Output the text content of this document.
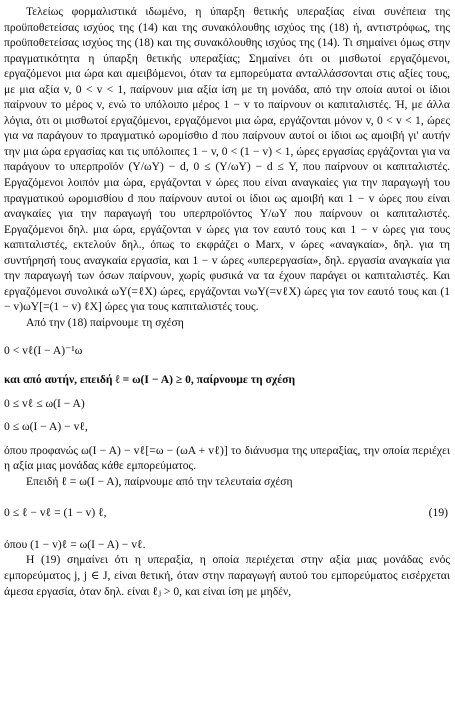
Τελείως φορμαλιστικά ιδωμένο, η ύπαρξη θετικής υπεραξίας είναι συνέπεια της προϋποθετείσας ισχύος της (14) και της συνακόλουθης ισχύος της (18) ή, αντιστρόφως, της προϋποθετείσας ισχύος της (18) και της συνακόλουθης ισχύος της (14). Τι σημαίνει όμως στην πραγματικότητα η ύπαρξη θετικής υπεραξίας; Σημαίνει ότι οι μισθωτοί εργαζόμενοι, εργαζόμενοι μια ώρα και αμειβόμενοι, όταν τα εμπορεύματα ανταλλάσσονται στις αξίες τους, με μια αξία v, 0 < v < 1, παίρνουν μια αξία ίση με τη μονάδα, από την οποία αυτοί οι ίδιοι παίρνουν το μέρος v, ενώ το υπόλοιπο μέρος 1 − v το παίρνουν οι καπιταλιστές. Ή, με άλλα λόγια, ότι οι μισθωτοί εργαζόμενοι, εργαζόμενοι μια ώρα, εργάζονται μόνον v, 0 < v < 1, ώρες για να παράγουν το πραγματικό ωρομίσθιο d που παίρνουν αυτοί οι ίδιοι ως αμοιβή γι' αυτήν την μια ώρα εργασίας και τις υπόλοιπες 1 − v, 0 < (1 − v) < 1, ώρες εργασίας εργάζονται για να παράγουν το υπερπροϊόν (Y/ωY) − d, 0 ≤ (Y/ωY) − d ≤ Y, που παίρνουν οι καπιταλιστές. Εργαζόμενοι λοιπόν μια ώρα, εργάζονται v ώρες που είναι αναγκαίες για την παραγωγή του πραγματικού ωρομισθίου d που παίρνουν αυτοί οι ίδιοι ως αμοιβή και 1 − v ώρες που είναι αναγκαίες για την παραγωγή του υπερπροϊόντος Y/ωY που παίρνουν οι καπιταλιστές. Εργαζόμενοι δηλ. μια ώρα, εργάζονται v ώρες για τον εαυτό τους και 1 − v ώρες για τους καπιταλιστές, εκτελούν δηλ., όπως το εκφράζει ο Marx, v ώρες «αναγκαία», δηλ. για τη συντήρησή τους αναγκαία εργασία, και 1 − v ώρες «υπερεργασία», δηλ. εργασία αναγκαία για την παραγωγή των όσων παίρνουν, χωρίς φυσικά να τα έχουν παράγει οι καπιταλιστές. Και εργαζόμενοι συνολικά ωY(=ℓX) ώρες, εργάζονται vωY(=vℓX) ώρες για τον εαυτό τους και (1 − v)ωY[=(1 − v) ℓX] ώρες για τους καπιταλιστές τους.

Από την (18) παίρνουμε τη σχέση

0 < vℓ(I − A)⁻¹ω

και από αυτήν, επειδή ℓ = ω(I − A) ≥ 0, παίρνουμε τη σχέση

0 ≤ vℓ ≤ ω(I − A)

0 ≤ ω(I − A) − vℓ,

όπου προφανώς ω(I − A) − vℓ[=ω − (ωA + vℓ)] το διάνυσμα της υπεραξίας, την οποία περιέχει η αξία μιας μονάδας κάθε εμπορεύματος.

Επειδή ℓ = ω(I − A), παίρνουμε από την τελευταία σχέση

0 ≤ ℓ − vℓ = (1 − v) ℓ,	(19)

όπου (1 − v)ℓ = ω(I − A) − vℓ.

Η (19) σημαίνει ότι η υπεραξία, η οποία περιέχεται στην αξία μιας μονάδας ενός εμπορεύματος j, j ∈ J, είναι θετική, όταν στην παραγωγή αυτού του εμπορεύματος εισέρχεται άμεσα εργασία, όταν δηλ. είναι ℓⱼ > 0, και είναι ίση με μηδέν,
